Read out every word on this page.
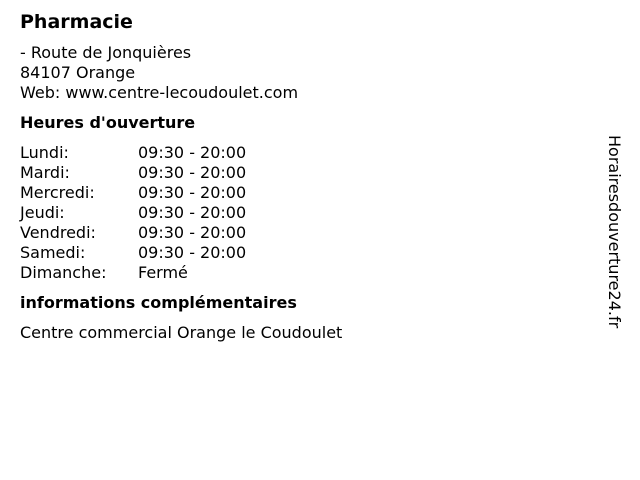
Pharmacie
- Route de Jonquières
84107 Orange
Web: www.centre-lecoudoulet.com
Heures d'ouverture
Lundi:	09:30 - 20:00
Mardi:	09:30 - 20:00
Mercredi:	09:30 - 20:00
Jeudi:	09:30 - 20:00
Vendredi:	09:30 - 20:00
Samedi:	09:30 - 20:00
Dimanche:	Fermé
informations complémentaires
Centre commercial Orange le Coudoulet
Horairesdouverture24.fr
